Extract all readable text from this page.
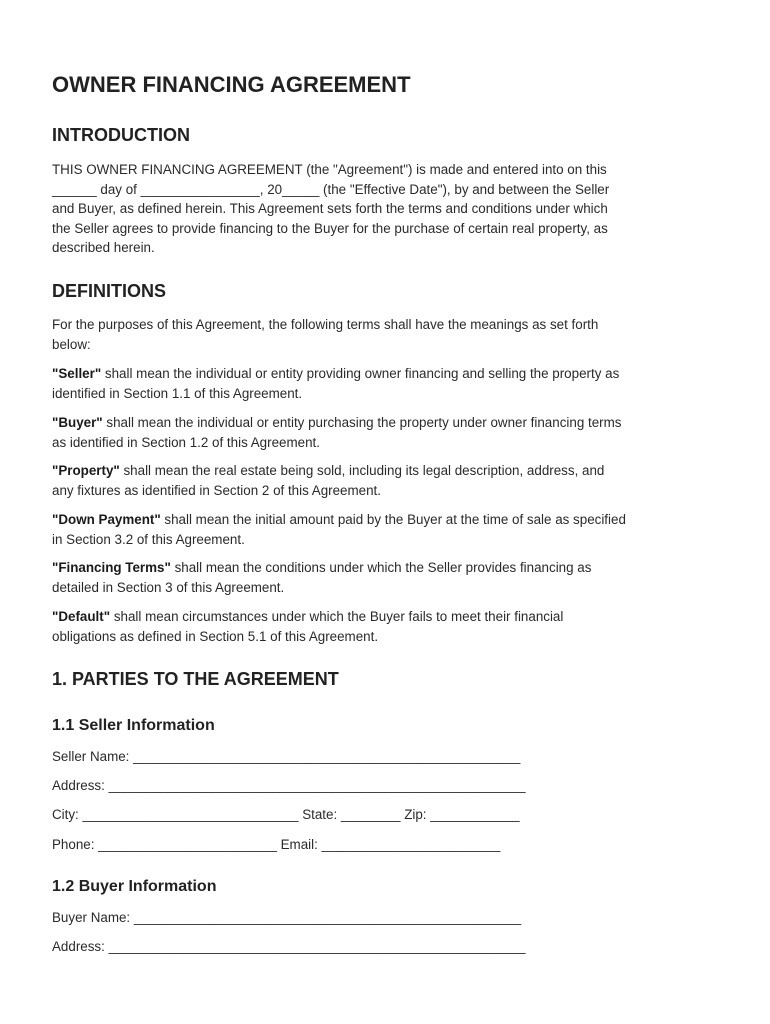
OWNER FINANCING AGREEMENT
INTRODUCTION
THIS OWNER FINANCING AGREEMENT (the "Agreement") is made and entered into on this
______ day of ________________, 20_____ (the "Effective Date"), by and between the Seller
and Buyer, as defined herein. This Agreement sets forth the terms and conditions under which
the Seller agrees to provide financing to the Buyer for the purchase of certain real property, as
described herein.
DEFINITIONS
For the purposes of this Agreement, the following terms shall have the meanings as set forth
below:
"Seller" shall mean the individual or entity providing owner financing and selling the property as
identified in Section 1.1 of this Agreement.
"Buyer" shall mean the individual or entity purchasing the property under owner financing terms
as identified in Section 1.2 of this Agreement.
"Property" shall mean the real estate being sold, including its legal description, address, and
any fixtures as identified in Section 2 of this Agreement.
"Down Payment" shall mean the initial amount paid by the Buyer at the time of sale as specified
in Section 3.2 of this Agreement.
"Financing Terms" shall mean the conditions under which the Seller provides financing as
detailed in Section 3 of this Agreement.
"Default" shall mean circumstances under which the Buyer fails to meet their financial
obligations as defined in Section 5.1 of this Agreement.
1. PARTIES TO THE AGREEMENT
1.1 Seller Information
Seller Name: ____________________________________________________
Address: ________________________________________________________
City: _____________________________ State: ________ Zip: ____________
Phone: ________________________ Email: ________________________
1.2 Buyer Information
Buyer Name: ____________________________________________________
Address: ________________________________________________________
